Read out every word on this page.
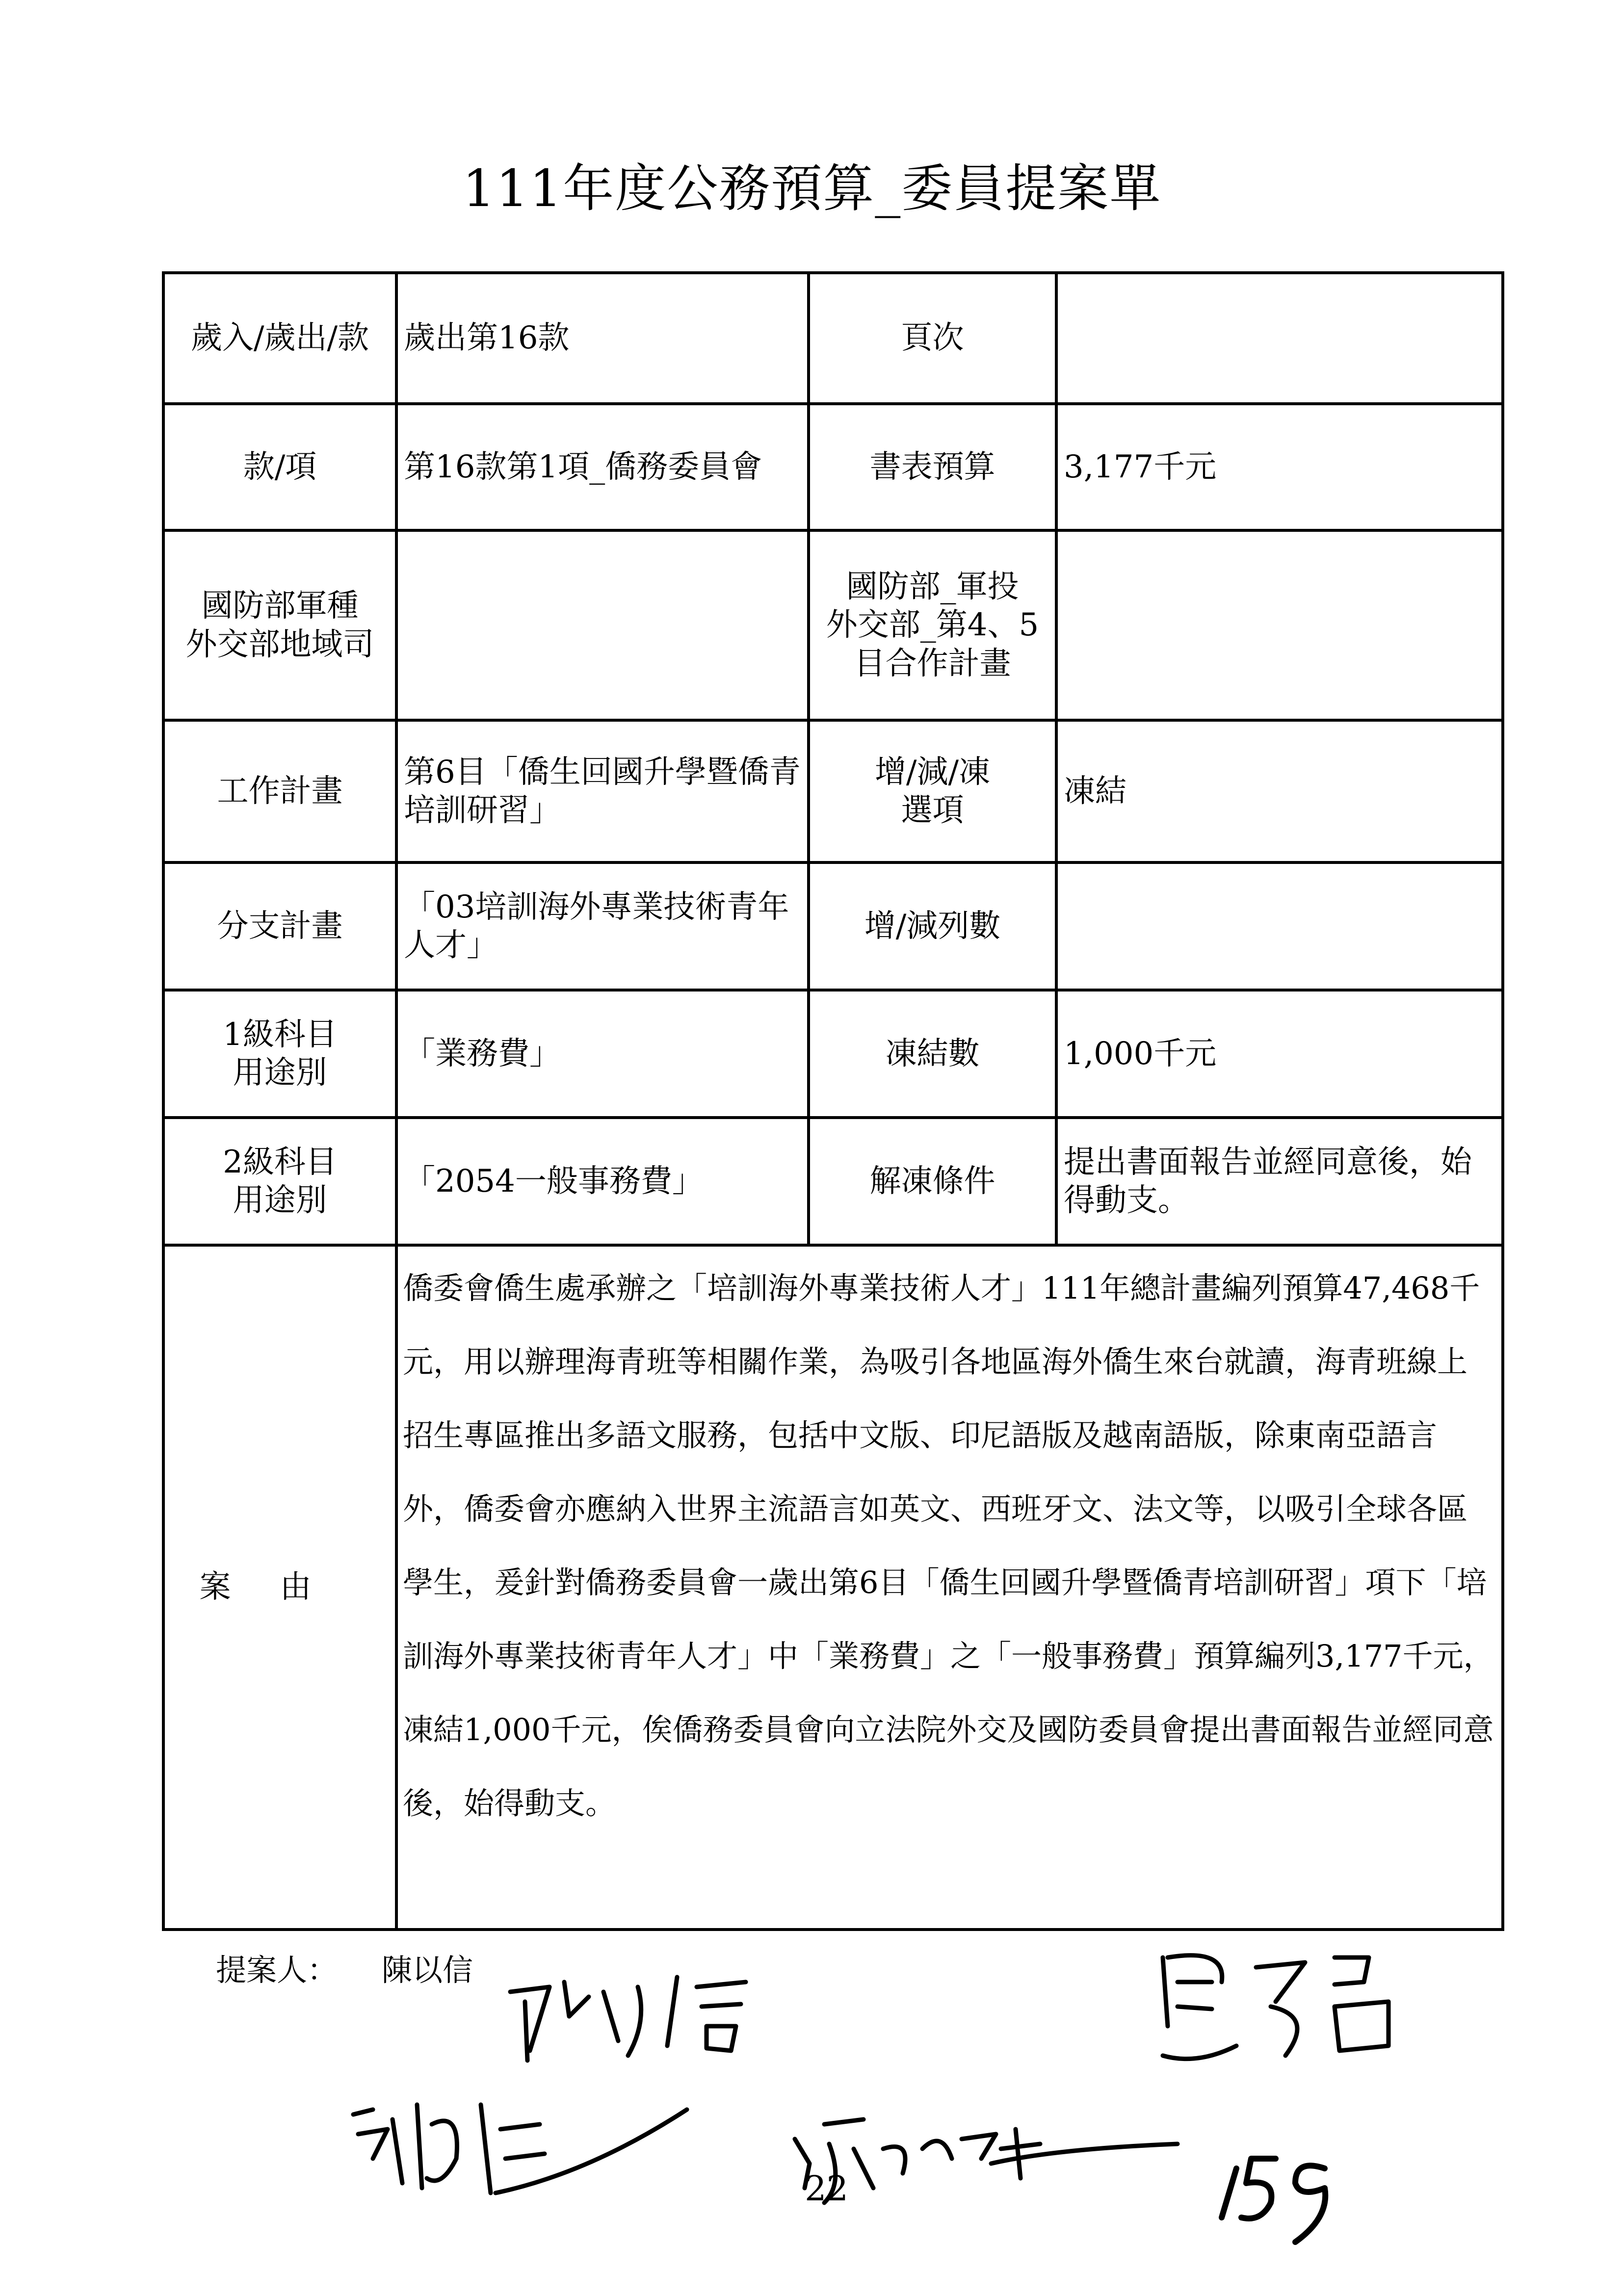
111年度公務預算_委員提案單
歲入/歲出/款	歲出第16款	頁次	
款/項	第16款第1項_僑務委員會	書表預算	3,177千元
國防部軍種
外交部地域司		國防部_軍投
外交部_第4、5
目合作計畫	
工作計畫	第6目「僑生回國升學暨僑青培訓研習」	增/減/凍
選項	凍結
分支計畫	「03培訓海外專業技術青年人才」	增/減列數	
1級科目
用途別	「業務費」	凍結數	1,000千元
2級科目
用途別	「2054一般事務費」	解凍條件	提出書面報告並經同意後，始得動支。
案由	僑委會僑生處承辦之「培訓海外專業技術人才」111年總計畫編列預算47,468千元，用以辦理海青班等相關作業，為吸引各地區海外僑生來台就讀，海青班線上招生專區推出多語文服務，包括中文版、印尼語版及越南語版，除東南亞語言外，僑委會亦應納入世界主流語言如英文、西班牙文、法文等，以吸引全球各區學生，爰針對僑務委員會一歲出第6目「僑生回國升學暨僑青培訓研習」項下「培訓海外專業技術青年人才」中「業務費」之「一般事務費」預算編列3,177千元，凍結1,000千元，俟僑務委員會向立法院外交及國防委員會提出書面報告並經同意後，始得動支。		
提案人： 陳以信
22
